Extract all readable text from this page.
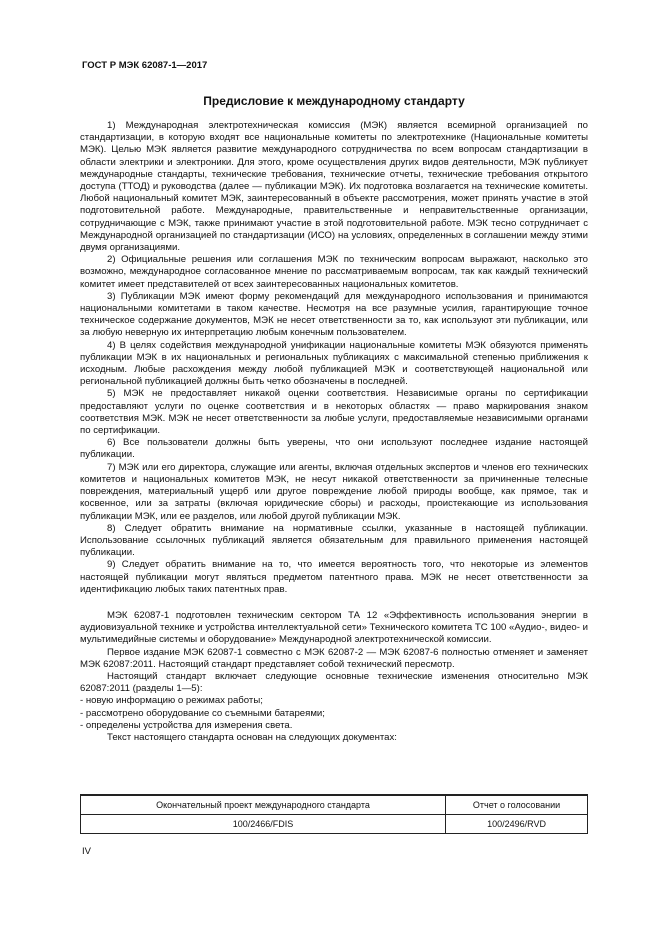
ГОСТ Р МЭК 62087-1—2017
Предисловие к международному стандарту

1) Международная электротехническая комиссия (МЭК) является всемирной организацией по стандартизации, в которую входят все национальные комитеты по электротехнике (Национальные комитеты МЭК). Целью МЭК является развитие международного сотрудничества по всем вопросам стандартизации в области электрики и электроники. Для этого, кроме осуществления других видов деятельности, МЭК публикует международные стандарты, технические требования, технические отчеты, технические требования открытого доступа (ТТОД) и руководства (далее — публикации МЭК). Их подготовка возлагается на технические комитеты. Любой национальный комитет МЭК, заинтересованный в объекте рассмотрения, может принять участие в этой подготовительной работе. Международные, правительственные и неправительственные организации, сотрудничающие с МЭК, также принимают участие в этой подготовительной работе. МЭК тесно сотрудничает с Международной организацией по стандартизации (ИСО) на условиях, определенных в соглашении между этими двумя организациями.

2) Официальные решения или соглашения МЭК по техническим вопросам выражают, насколько это возможно, международное согласованное мнение по рассматриваемым вопросам, так как каждый технический комитет имеет представителей от всех заинтересованных национальных комитетов.

3) Публикации МЭК имеют форму рекомендаций для международного использования и принимаются национальными комитетами в таком качестве. Несмотря на все разумные усилия, гарантирующие точное техническое содержание документов, МЭК не несет ответственности за то, как используют эти публикации, или за любую неверную их интерпретацию любым конечным пользователем.

4) В целях содействия международной унификации национальные комитеты МЭК обязуются применять публикации МЭК в их национальных и региональных публикациях с максимальной степенью приближения к исходным. Любые расхождения между любой публикацией МЭК и соответствующей национальной или региональной публикацией должны быть четко обозначены в последней.

5) МЭК не предоставляет никакой оценки соответствия. Независимые органы по сертификации предоставляют услуги по оценке соответствия и в некоторых областях — право маркирования знаком соответствия МЭК. МЭК не несет ответственности за любые услуги, предоставляемые независимыми органами по сертификации.

6) Все пользователи должны быть уверены, что они используют последнее издание настоящей публикации.

7) МЭК или его директора, служащие или агенты, включая отдельных экспертов и членов его технических комитетов и национальных комитетов МЭК, не несут никакой ответственности за причиненные телесные повреждения, материальный ущерб или другое повреждение любой природы вообще, как прямое, так и косвенное, или за затраты (включая юридические сборы) и расходы, проистекающие из использования публикации МЭК, или ее разделов, или любой другой публикации МЭК.

8) Следует обратить внимание на нормативные ссылки, указанные в настоящей публикации. Использование ссылочных публикаций является обязательным для правильного применения настоящей публикации.

9) Следует обратить внимание на то, что имеется вероятность того, что некоторые из элементов настоящей публикации могут являться предметом патентного права. МЭК не несет ответственности за идентификацию любых таких патентных прав.

МЭК 62087-1 подготовлен техническим сектором ТА 12 «Эффективность использования энергии в аудиовизуальной технике и устройства интеллектуальной сети» Технического комитета ТС 100 «Аудио-, видео- и мультимедийные системы и оборудование» Международной электротехнической комиссии.

Первое издание МЭК 62087-1 совместно с МЭК 62087-2 — МЭК 62087-6 полностью отменяет и заменяет МЭК 62087:2011. Настоящий стандарт представляет собой технический пересмотр.

Настоящий стандарт включает следующие основные технические изменения относительно МЭК 62087:2011 (разделы 1—5):

- новую информацию о режимах работы;

- рассмотрено оборудование со съемными батареями;

- определены устройства для измерения света.

Текст настоящего стандарта основан на следующих документах:

Окончательный проект международного стандарта	Отчет о голосовании
100/2466/FDIS	100/2496/RVD
IV
